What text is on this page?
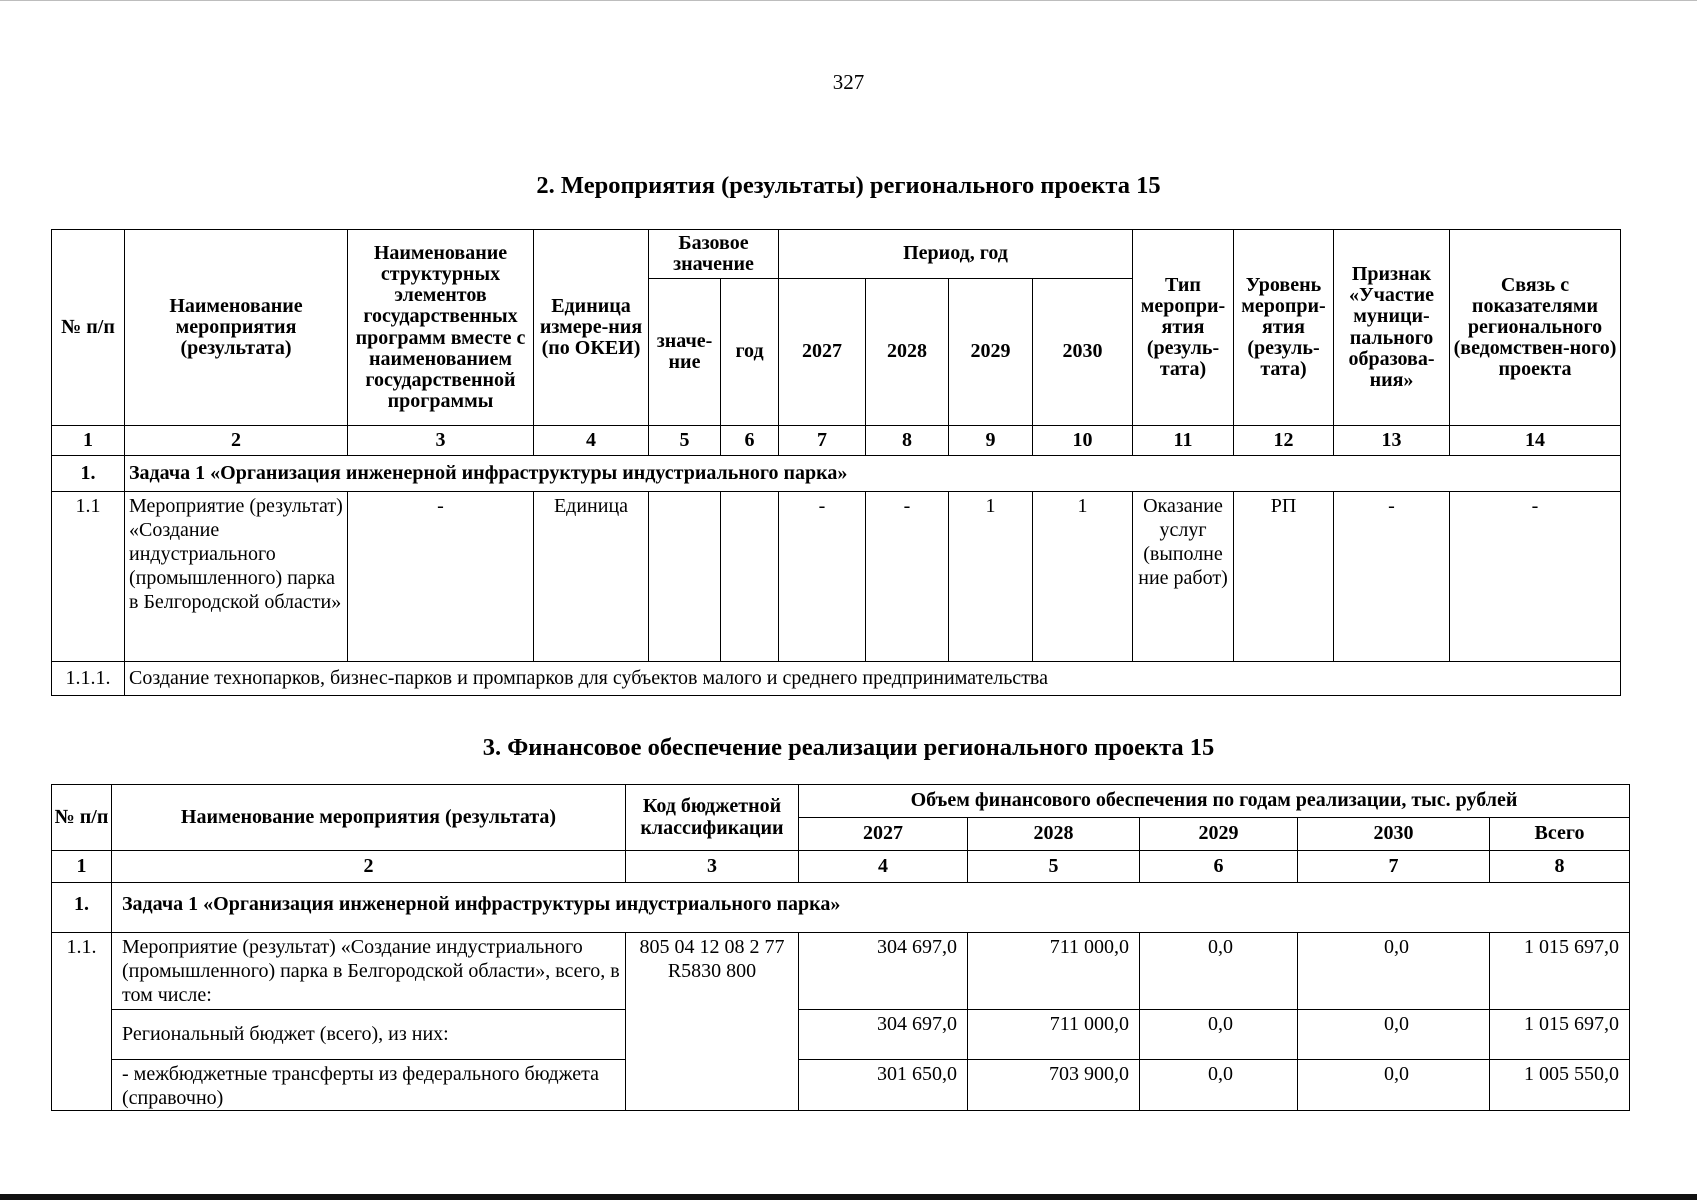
327
2. Мероприятия (результаты) регионального проекта 15
№ п/п	Наименование мероприятия (результата)	Наименование структурных элементов государственных программ вместе с наименованием государственной программы	Единица измере-ния (по ОКЕИ)	Базовое значение		Период, год				Тип меропри-ятия (резуль-тата)	Уровень меропри-ятия (резуль-тата)	Признак «Участие муници-пального образова-ния»	Связь с показателями регионального (ведомствен-ного) проекта
				значе-ние	год	2027	2028	2029	2030				
1	2	3	4	5	6	7	8	9	10	11	12	13	14
1.	Задача 1 «Организация инженерной инфраструктуры индустриального парка»												
1.1	Мероприятие (результат) «Создание индустриального (промышленного) парка в Белгородской области»	-	Единица			-	-	1	1	Оказание услуг (выполне ние работ)	РП	-	-
1.1.1.	Создание технопарков, бизнес-парков и промпарков для субъектов малого и среднего предпринимательства												
3. Финансовое обеспечение реализации регионального проекта 15
№ п/п	Наименование мероприятия (результата)	Код бюджетной классификации	Объем финансового обеспечения по годам реализации, тыс. рублей				
			2027	2028	2029	2030	Всего
1	2	3	4	5	6	7	8
1.	Задача 1 «Организация инженерной инфраструктуры индустриального парка»						
1.1.	Мероприятие (результат) «Создание индустриального (промышленного) парка в Белгородской области», всего, в том числе:	805 04 12 08 2 77 R5830 800	304 697,0	711 000,0	0,0	0,0	1 015 697,0
	Региональный бюджет (всего), из них:		304 697,0	711 000,0	0,0	0,0	1 015 697,0
	- межбюджетные трансферты из федерального бюджета (справочно)		301 650,0	703 900,0	0,0	0,0	1 005 550,0
